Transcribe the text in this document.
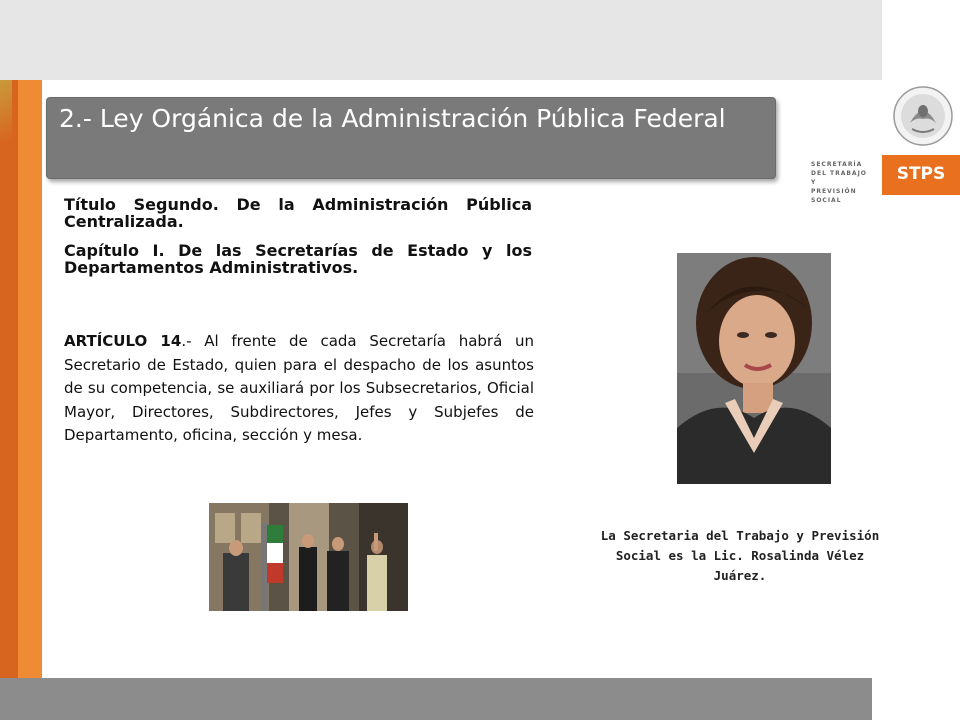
2.- Ley Orgánica de la Administración Pública Federal
Título Segundo. De la Administración Pública Centralizada.
Capítulo I. De las Secretarías de Estado y los Departamentos Administrativos.
ARTÍCULO 14.- Al frente de cada Secretaría habrá un Secretario de Estado, quien para el despacho de los asuntos de su competencia, se auxiliará por los Subsecretarios, Oficial Mayor, Directores, Subdirectores, Jefes y Subjefes de Departamento, oficina, sección y mesa.
La Secretaria del Trabajo y Previsión Social es la Lic. Rosalinda Vélez Juárez.
SECRETARÍA
DEL TRABAJO Y
PREVISIÓN SOCIAL
STPS
